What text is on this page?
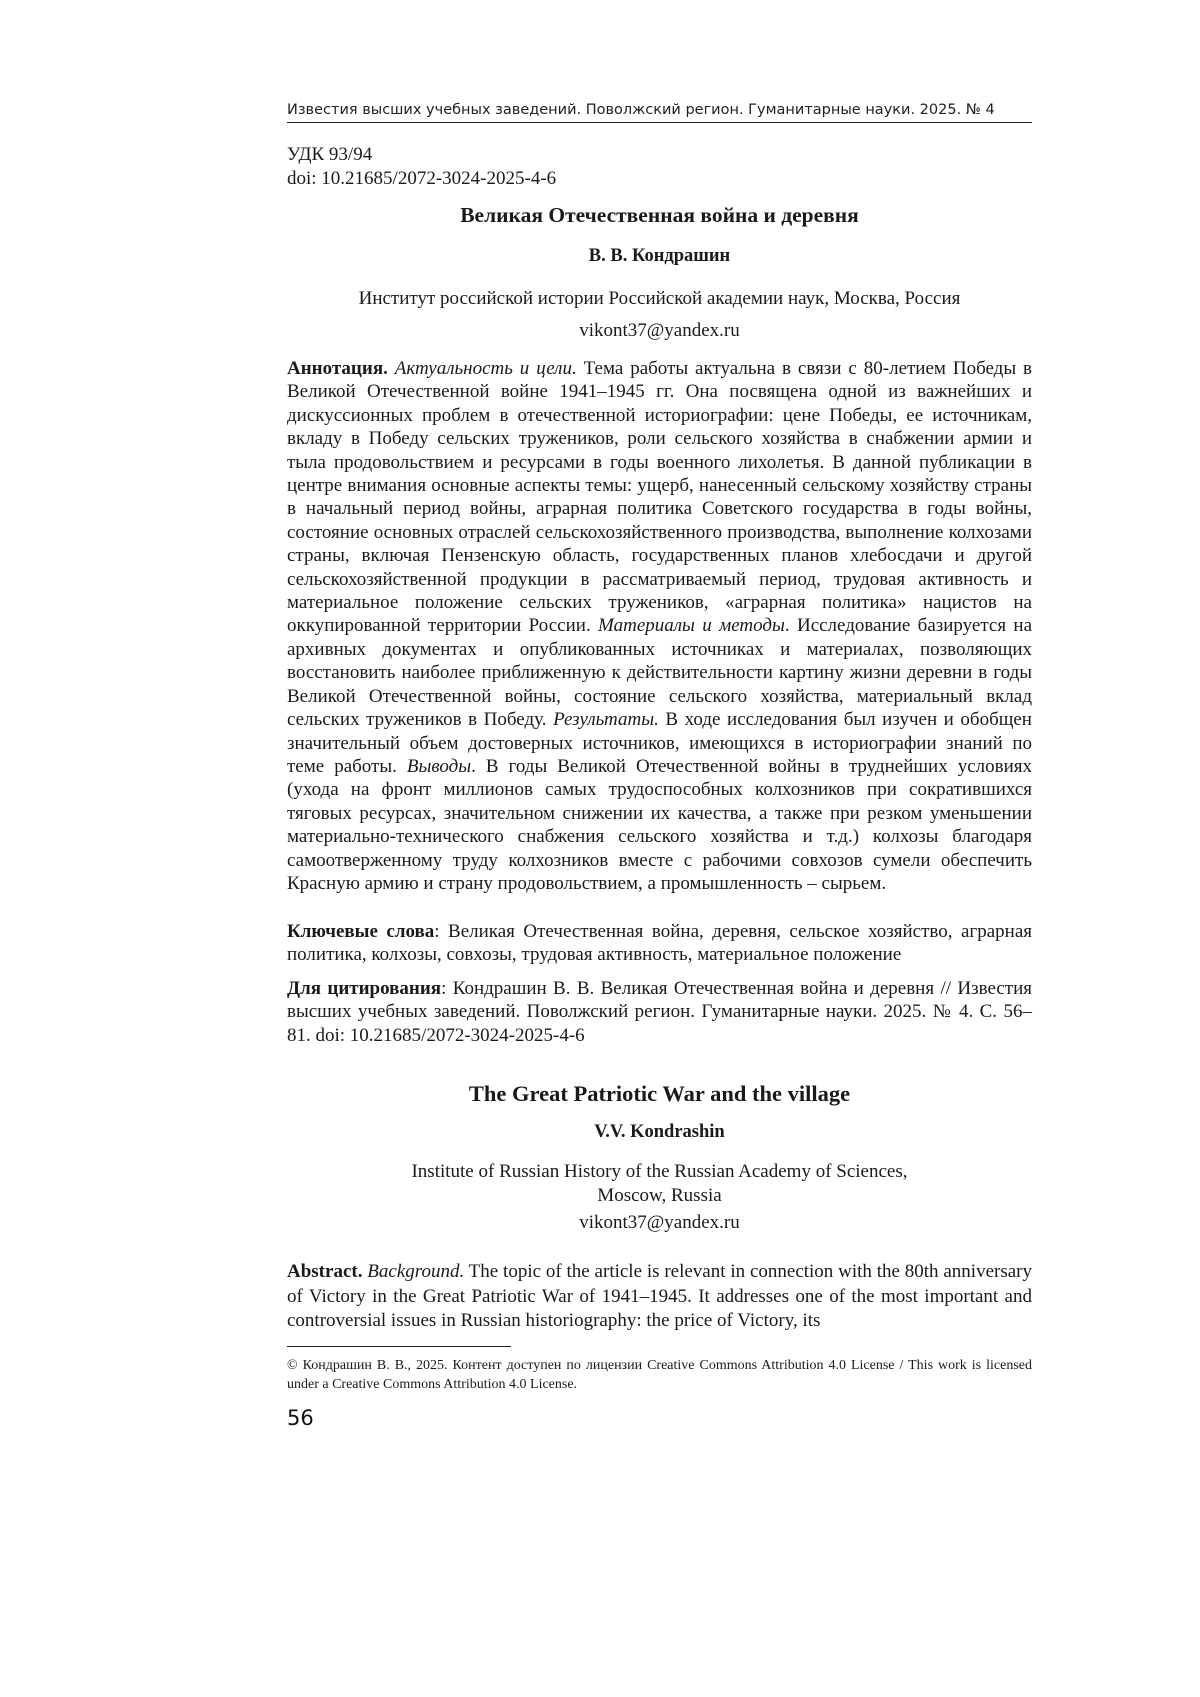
Известия высших учебных заведений. Поволжский регион. Гуманитарные науки. 2025. № 4
УДК 93/94
doi: 10.21685/2072-3024-2025-4-6
Великая Отечественная война и деревня
В. В. Кондрашин
Институт российской истории Российской академии наук, Москва, Россия
vikont37@yandex.ru

Аннотация. Актуальность и цели. Тема работы актуальна в связи с 80-летием Победы в Великой Отечественной войне 1941–1945 гг. Она посвящена одной из важнейших и дискуссионных проблем в отечественной историографии: цене Победы, ее источникам, вкладу в Победу сельских тружеников, роли сельского хозяйства в снабжении армии и тыла продовольствием и ресурсами в годы военного лихолетья. В данной публикации в центре внимания основные аспекты темы: ущерб, нанесенный сельскому хозяйству страны в начальный период войны, аграрная политика Советского государства в годы войны, состояние основных отраслей сельскохозяйственного производства, выполнение колхозами страны, включая Пензенскую область, государственных планов хлебосдачи и другой сельскохозяйственной продукции в рассматриваемый период, трудовая активность и материальное положение сельских тружеников, «аграрная политика» нацистов на оккупированной территории России. Материалы и методы. Исследование базируется на архивных документах и опубликованных источниках и материалах, позволяющих восстановить наиболее приближенную к действительности картину жизни деревни в годы Великой Отечественной войны, состояние сельского хозяйства, материальный вклад сельских тружеников в Победу. Результаты. В ходе исследования был изучен и обобщен значительный объем достоверных источников, имеющихся в историографии знаний по теме работы. Выводы. В годы Великой Отечественной войны в труднейших условиях (ухода на фронт миллионов самых трудоспособных колхозников при сократившихся тяговых ресурсах, значительном снижении их качества, а также при резком уменьшении материально-технического снабжения сельского хозяйства и т.д.) колхозы благодаря самоотверженному труду колхозников вместе с рабочими совхозов сумели обеспечить Красную армию и страну продовольствием, а промышленность – сырьем.

Ключевые слова: Великая Отечественная война, деревня, сельское хозяйство, аграрная политика, колхозы, совхозы, трудовая активность, материальное положение

Для цитирования: Кондрашин В. В. Великая Отечественная война и деревня // Известия высших учебных заведений. Поволжский регион. Гуманитарные науки. 2025. № 4. С. 56–81. doi: 10.21685/2072-3024-2025-4-6

The Great Patriotic War and the village
V.V. Kondrashin
Institute of Russian History of the Russian Academy of Sciences,
Moscow, Russia
vikont37@yandex.ru

Abstract. Background. The topic of the article is relevant in connection with the 80th anniversary of Victory in the Great Patriotic War of 1941–1945. It addresses one of the most important and controversial issues in Russian historiography: the price of Victory, its

© Кондрашин В. В., 2025. Контент доступен по лицензии Creative Commons Attribution 4.0 License / This work is licensed under a Creative Commons Attribution 4.0 License.

56
